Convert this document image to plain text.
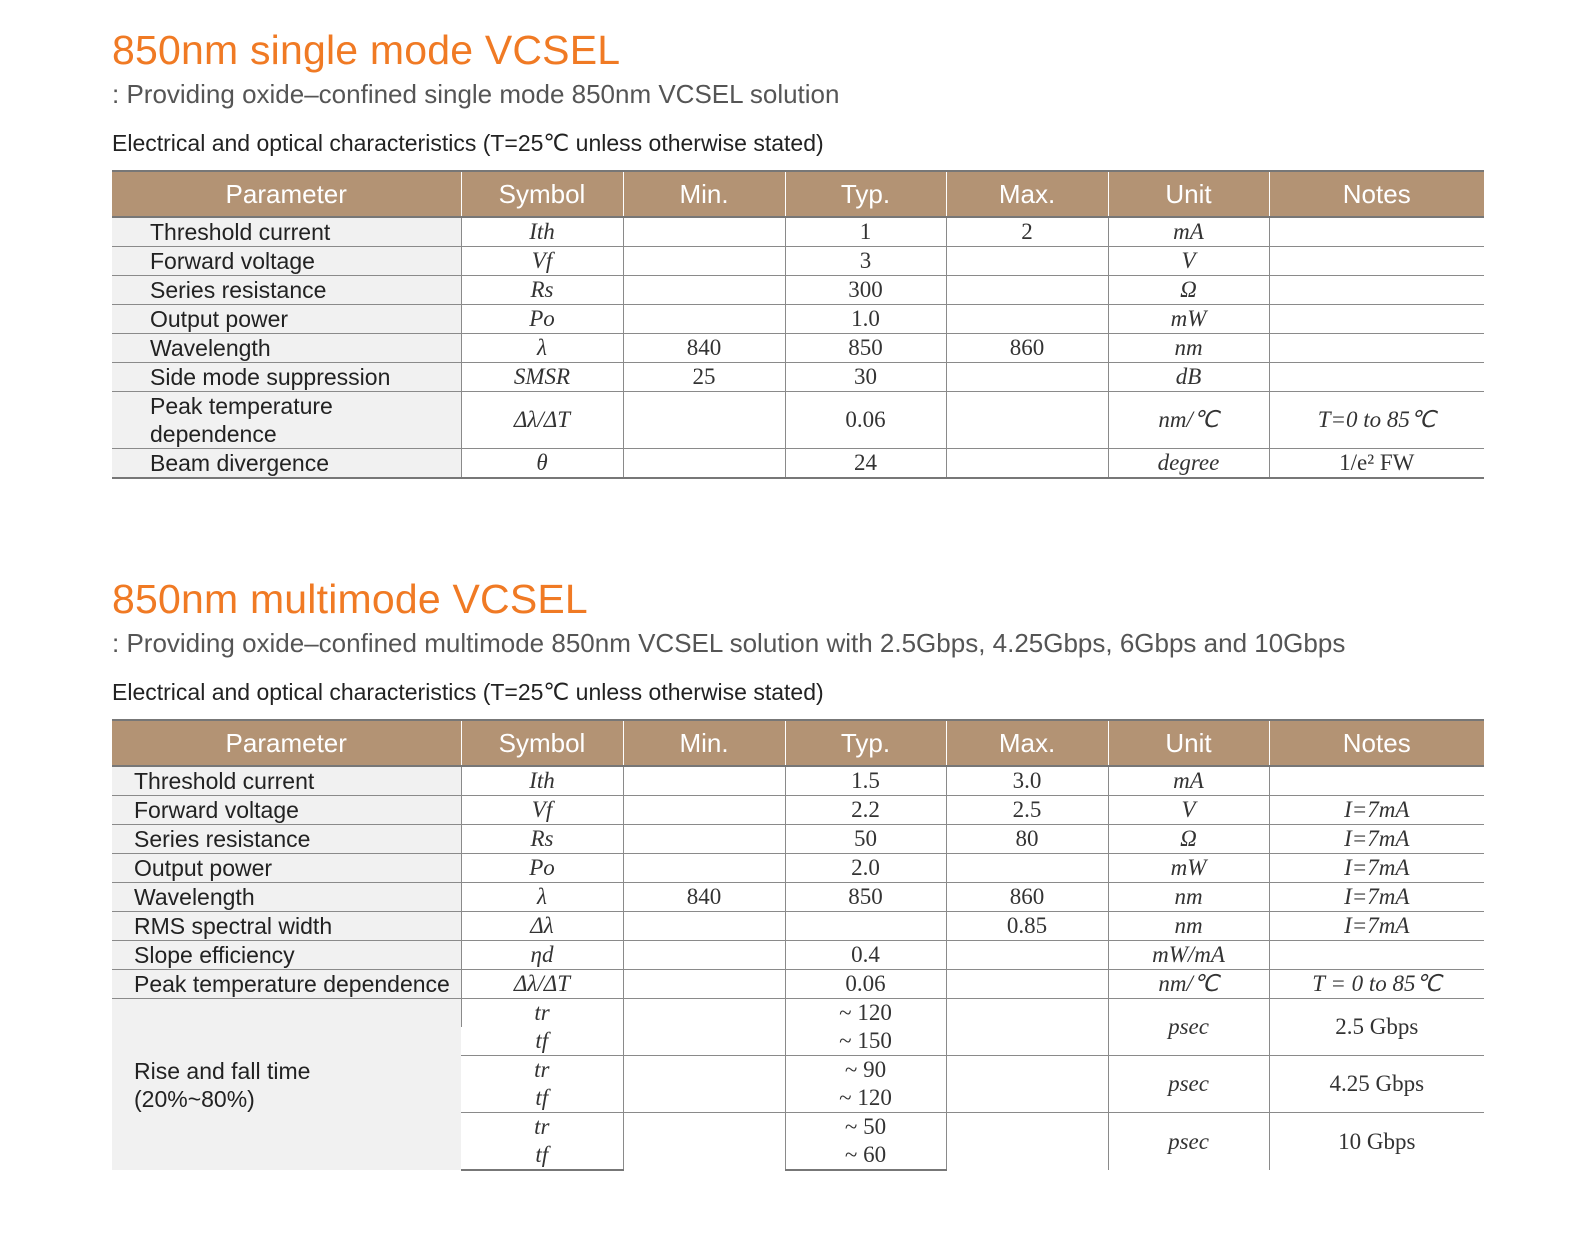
850nm single mode VCSEL

: Providing oxide–confined single mode 850nm VCSEL solution

Electrical and optical characteristics (T=25℃ unless otherwise stated)

Parameter	Symbol	Min.	Typ.	Max.	Unit	Notes
Threshold current	Ith		1	2	mA	
Forward voltage	Vf		3		V	
Series resistance	Rs		300		Ω	
Output power	Po		1.0		mW	
Wavelength	λ	840	850	860	nm	
Side mode suppression	SMSR	25	30		dB	
Peak temperature dependence	Δλ/ΔT		0.06		nm/℃	T=0 to 85℃
Beam divergence	θ		24		degree	1/e² FW
850nm multimode VCSEL

: Providing oxide–confined multimode 850nm VCSEL solution with 2.5Gbps, 4.25Gbps, 6Gbps and 10Gbps

Electrical and optical characteristics (T=25℃ unless otherwise stated)

Parameter	Symbol	Min.	Typ.	Max.	Unit	Notes
Threshold current	Ith		1.5	3.0	mA	
Forward voltage	Vf		2.2	2.5	V	I=7mA
Series resistance	Rs		50	80	Ω	I=7mA
Output power	Po		2.0		mW	I=7mA
Wavelength	λ	840	850	860	nm	I=7mA
RMS spectral width	Δλ			0.85	nm	I=7mA
Slope efficiency	ηd		0.4		mW/mA	
Peak temperature dependence	Δλ/ΔT		0.06		nm/℃	T = 0 to 85℃

Rise and fall time
(20%~80%)	tr		~ 120		psec	2.5 Gbps
	tf		~ 150			
	tr		~ 90		psec	4.25 Gbps
	tf		~ 120			
	tr		~ 50		psec	10 Gbps
	tf		~ 60			
